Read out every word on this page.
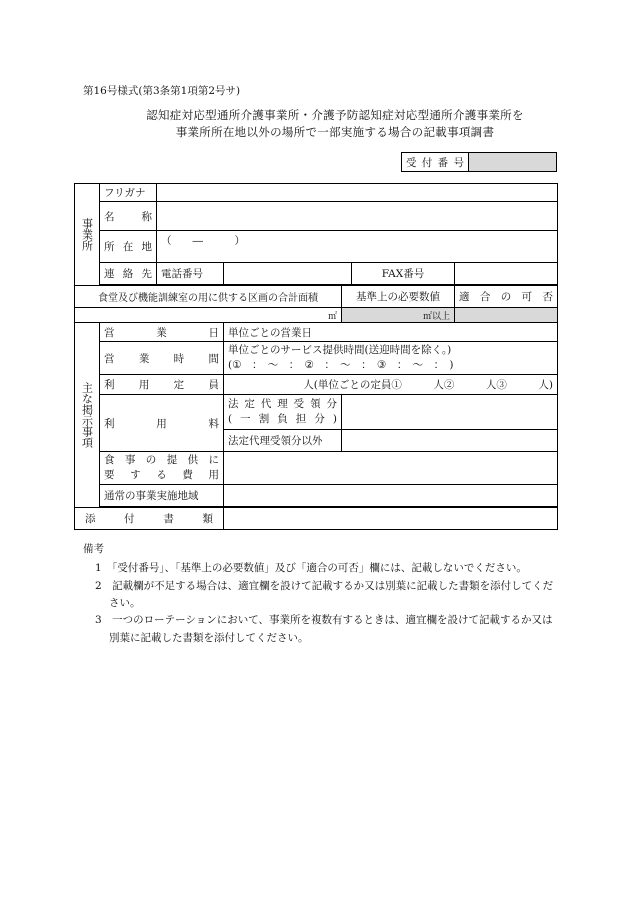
第16号様式(第3条第1項第2号サ)
認知症対応型通所介護事業所・介護予防認知症対応型通所介護事業所を
事業所所在地以外の場所で一部実施する場合の記載事項調書
受付番号	
事業所	フリガナ					
	名　称					
	所在地	（　　―　　　）				
	連絡先	電話番号			FAX番号	

食堂及び機能訓練室の用に供する区画の合計面積				基準上の必要数値		適合の可否
㎡				㎡以上		
主な掲示事項	営業日		単位ごとの営業日			
	営業時間		単位ごとのサービス提供時間(送迎時間を除く。)
(①　：　～　：　②　：　～　：　③　：　～　：　)			

	利用定員		人(単位ごとの定員①　　　人②　　　人③　　　人)			
	利用料		法定代理受領分
(一割負担分)			

			法定代理受領分以外			

	食事の提供に
要する費用					

	通常の事業実施地域					

添付書類						
備考
1　「受付番号」、「基準上の必要数値」及び「適合の可否」欄には、記載しないでください。
2　記載欄が不足する場合は、適宜欄を設けて記載するか又は別葉に記載した書類を添付してください。
3　一つのローテーションにおいて、事業所を複数有するときは、適宜欄を設けて記載するか又は別葉に記載した書類を添付してください。
